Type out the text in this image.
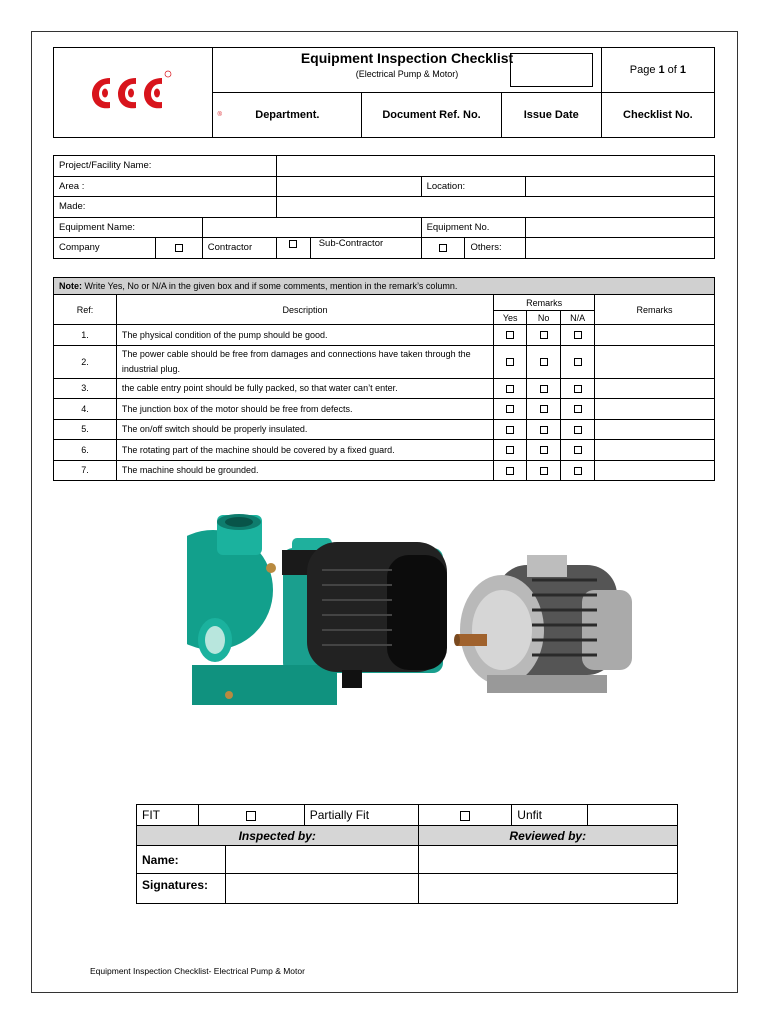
®	Equipment Inspection Checklist
(Electrical Pump & Motor)			Page 1 of 1
	Department.	Document Ref. No.	Issue Date	Checklist No.
Project/Facility Name:						
Area :				Location:		
Made:						
Equipment Name:				Equipment No.		
Company		Contractor	Sub-Contractor		Others:	
Note: Write Yes, No or N/A in the given box and if some comments, mention in the remark’s column.					
Ref:	Description	Remarks			Remarks
		Yes	No	N/A	
1.	The physical condition of the pump should be good.				
2.	The power cable should be free from damages and connections have taken through the industrial plug.				
3.	the cable entry point should be fully packed, so that water can’t enter.				
4.	The junction box of the motor should be free from defects.				
5.	The on/off switch should be properly insulated.				
6.	The rotating part of the machine should be covered by a fixed guard.				
7.	The machine should be grounded.				
FIT			Partially Fit		Unfit	
Inspected by:				Reviewed by:		
Name:						
Signatures:						
Equipment Inspection Checklist- Electrical Pump & Motor
